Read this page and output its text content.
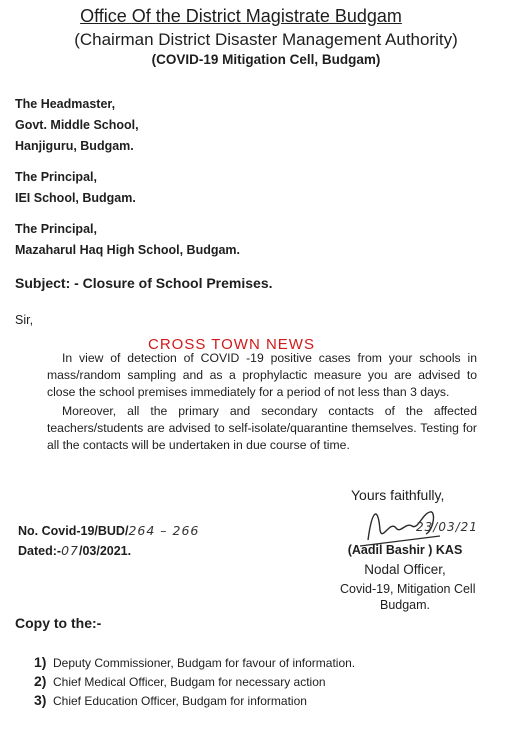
Office Of the District Magistrate Budgam
(Chairman District Disaster Management Authority)
(COVID-19 Mitigation Cell, Budgam)
The Headmaster,
Govt. Middle School,
Hanjiguru, Budgam.
The Principal,
IEI School, Budgam.
The Principal,
Mazaharul Haq High School, Budgam.
Subject: - Closure of School Premises.
Sir,
In view of detection of COVID -19 positive cases from your schools in mass/random sampling and as a prophylactic measure you are advised to close the school premises immediately for a period of not less than 3 days.
Moreover, all the primary and secondary contacts of the affected teachers/students are advised to self-isolate/quarantine themselves. Testing for all the contacts will be undertaken in due course of time.
CROSS TOWN NEWS
Yours faithfully,
23/03/21
No. Covid-19/BUD/264 – 266
Dated:-07/03/2021.	(Aadil Bashir ) KAS
Nodal Officer,
Covid-19, Mitigation Cell
Budgam.
Copy to the:-
1) Deputy Commissioner, Budgam for favour of information.
2) Chief Medical Officer, Budgam for necessary action
3) Chief Education Officer, Budgam for information
